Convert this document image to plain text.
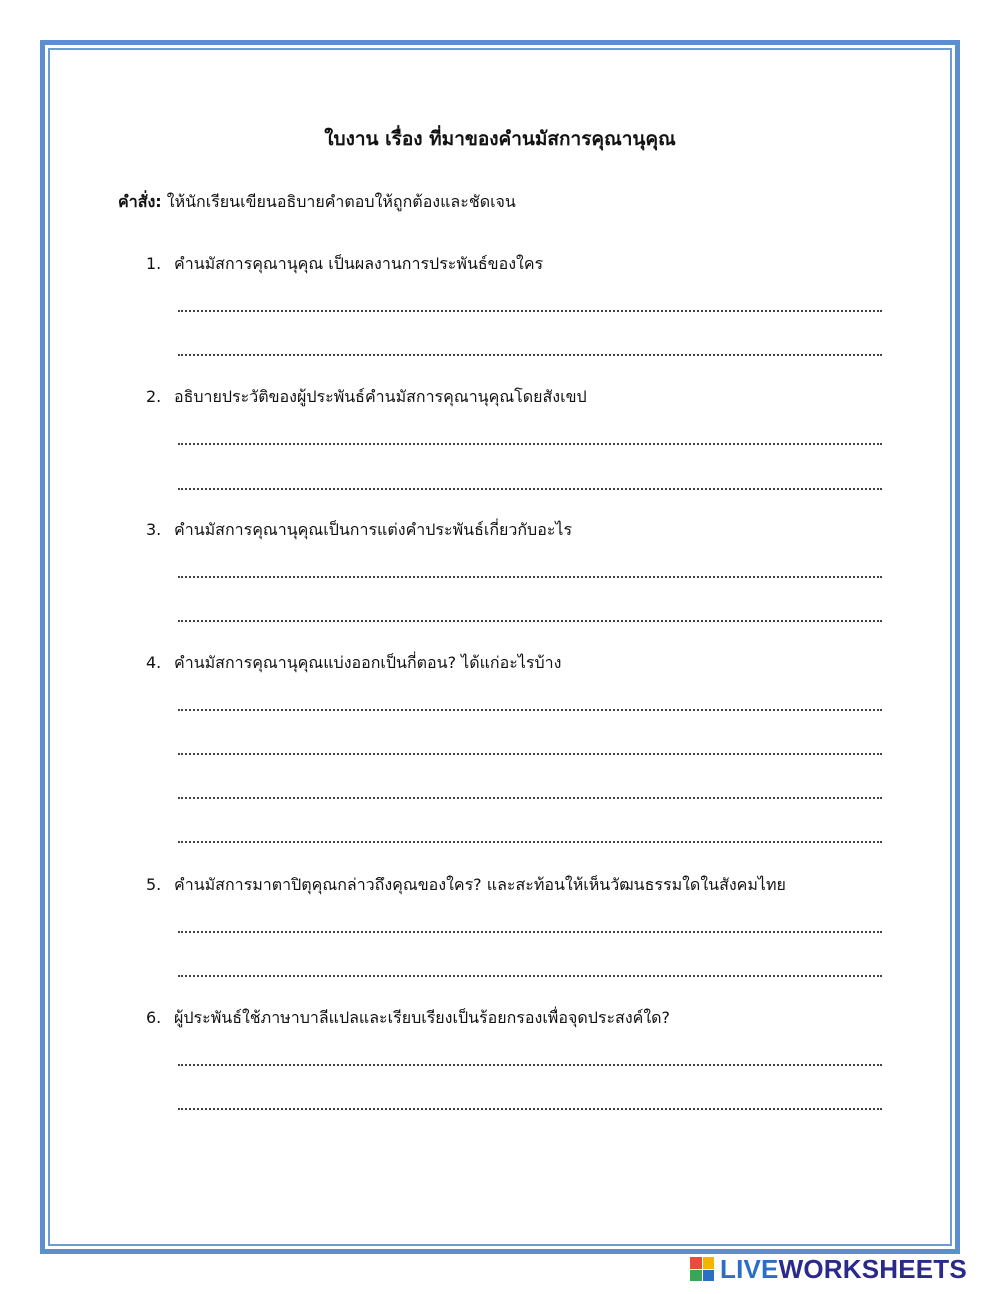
ใบงาน เรื่อง ที่มาของคำนมัสการคุณานุคุณ
คำสั่ง: ให้นักเรียนเขียนอธิบายคำตอบให้ถูกต้องและชัดเจน
1. คำนมัสการคุณานุคุณ เป็นผลงานการประพันธ์ของใคร
2. อธิบายประวัติของผู้ประพันธ์คำนมัสการคุณานุคุณโดยสังเขป
3. คำนมัสการคุณานุคุณเป็นการแต่งคำประพันธ์เกี่ยวกับอะไร
4. คำนมัสการคุณานุคุณแบ่งออกเป็นกี่ตอน? ได้แก่อะไรบ้าง
5. คำนมัสการมาตาปิตุคุณกล่าวถึงคุณของใคร? และสะท้อนให้เห็นวัฒนธรรมใดในสังคมไทย
6. ผู้ประพันธ์ใช้ภาษาบาลีแปลและเรียบเรียงเป็นร้อยกรองเพื่อจุดประสงค์ใด?
LIVEWORKSHEETS
